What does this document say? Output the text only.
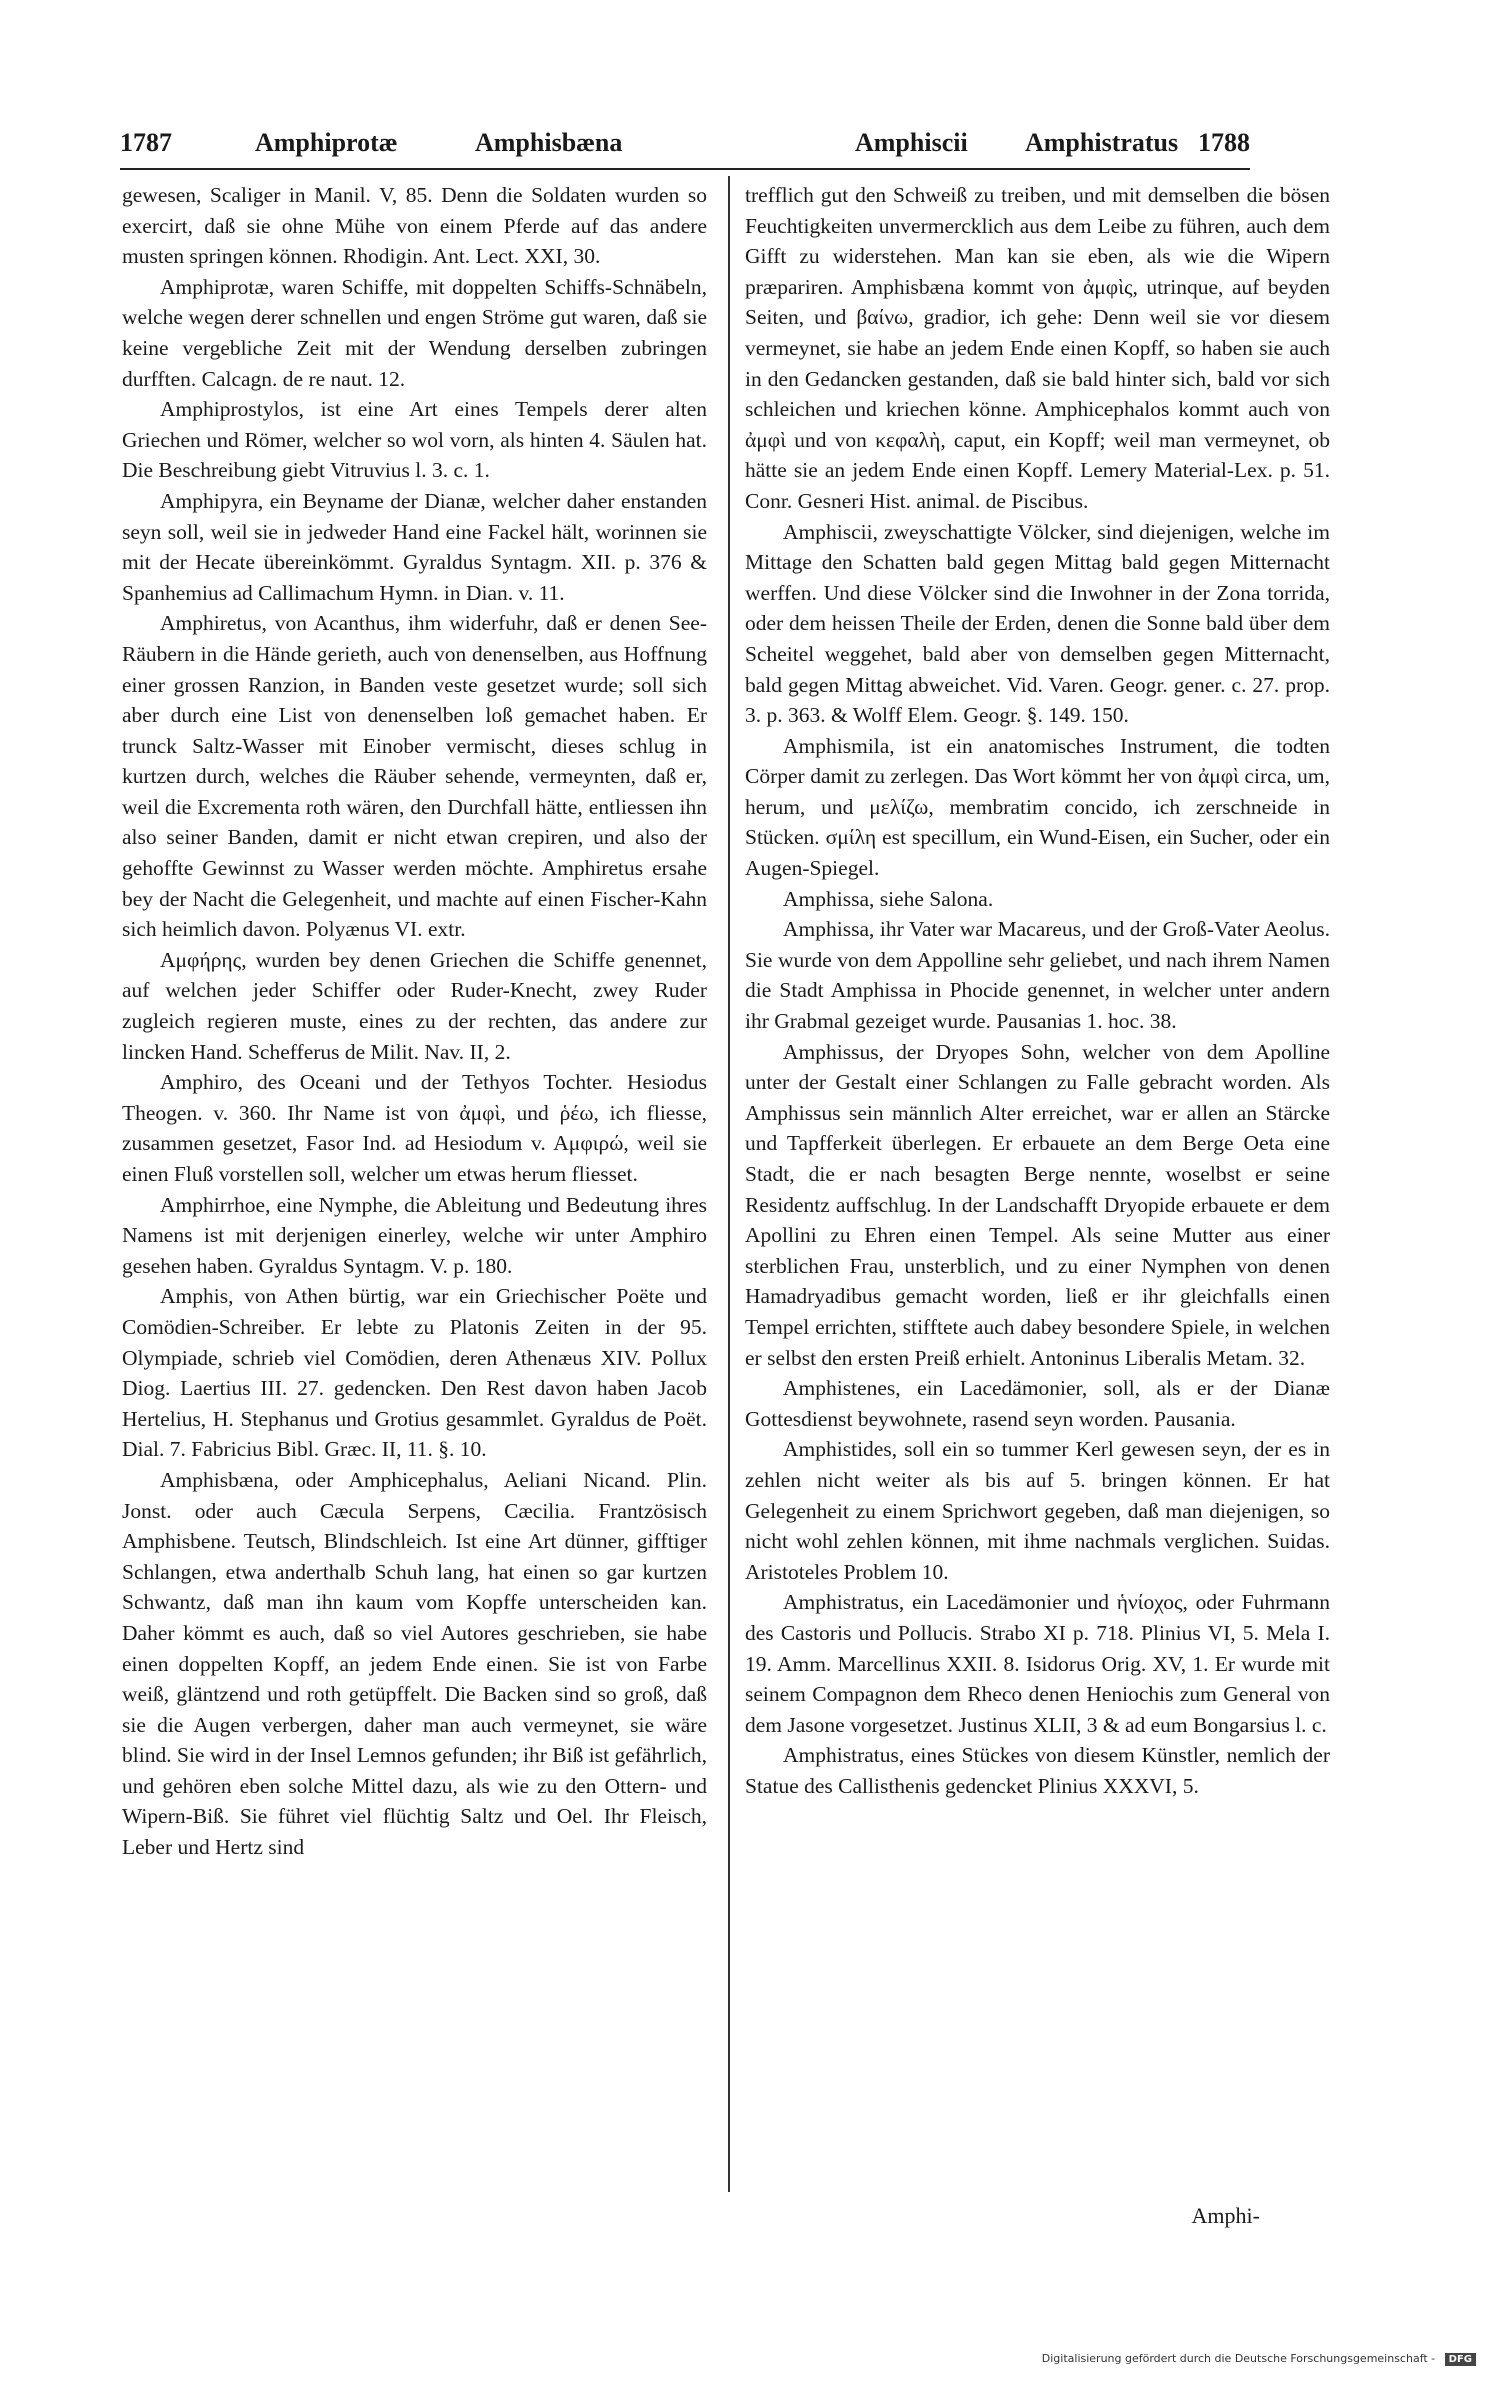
1787	Amphiprotæ	Amphisbæna	Amphiscii Amphistratus 1788

gewesen, Scaliger in Manil. V, 85. Denn die Soldaten wurden so exercirt, daß sie ohne Mühe von einem Pferde auf das andere musten springen können. Rhodigin. Ant. Lect. XXI, 30.

Amphiprotæ, waren Schiffe, mit doppelten Schiffs-Schnäbeln, welche wegen derer schnellen und engen Ströme gut waren, daß sie keine vergebliche Zeit mit der Wendung derselben zubringen durfften. Calcagn. de re naut. 12.

Amphiprostylos, ist eine Art eines Tempels derer alten Griechen und Römer, welcher so wol vorn, als hinten 4. Säulen hat. Die Beschreibung giebt Vitruvius l. 3. c. 1.

Amphipyra, ein Beyname der Dianæ, welcher daher enstanden seyn soll, weil sie in jedweder Hand eine Fackel hält, worinnen sie mit der Hecate übereinkömmt. Gyraldus Syntagm. XII. p. 376 & Spanhemius ad Callimachum Hymn. in Dian. v. 11.

Amphiretus, von Acanthus, ihm widerfuhr, daß er denen See-Räubern in die Hände gerieth, auch von denenselben, aus Hoffnung einer grossen Ranzion, in Banden veste gesetzet wurde; soll sich aber durch eine List von denenselben loß gemachet haben. Er trunck Saltz-Wasser mit Einober vermischt, dieses schlug in kurtzen durch, welches die Räuber sehende, vermeynten, daß er, weil die Excrementa roth wären, den Durchfall hätte, entliessen ihn also seiner Banden, damit er nicht etwan crepiren, und also der gehoffte Gewinnst zu Wasser werden möchte. Amphiretus ersahe bey der Nacht die Gelegenheit, und machte auf einen Fischer-Kahn sich heimlich davon. Polyænus VI. extr.

Aμφήρης, wurden bey denen Griechen die Schiffe genennet, auf welchen jeder Schiffer oder Ruder-Knecht, zwey Ruder zugleich regieren muste, eines zu der rechten, das andere zur lincken Hand. Schefferus de Milit. Nav. II, 2.

Amphiro, des Oceani und der Tethyos Tochter. Hesiodus Theogen. v. 360. Ihr Name ist von ἀμφὶ, und ῥέω, ich fliesse, zusammen gesetzet, Fasor Ind. ad Hesiodum v. Aμφιρώ, weil sie einen Fluß vorstellen soll, welcher um etwas herum fliesset.

Amphirrhoe, eine Nymphe, die Ableitung und Bedeutung ihres Namens ist mit derjenigen einerley, welche wir unter Amphiro gesehen haben. Gyraldus Syntagm. V. p. 180.

Amphis, von Athen bürtig, war ein Griechischer Poëte und Comödien-Schreiber. Er lebte zu Platonis Zeiten in der 95. Olympiade, schrieb viel Comödien, deren Athenæus XIV. Pollux Diog. Laertius III. 27. gedencken. Den Rest davon haben Jacob Hertelius, H. Stephanus und Grotius gesammlet. Gyraldus de Poët. Dial. 7. Fabricius Bibl. Græc. II, 11. §. 10.

Amphisbæna, oder Amphicephalus, Aeliani Nicand. Plin. Jonst. oder auch Cæcula Serpens, Cæcilia. Frantzösisch Amphisbene. Teutsch, Blindschleich. Ist eine Art dünner, gifftiger Schlangen, etwa anderthalb Schuh lang, hat einen so gar kurtzen Schwantz, daß man ihn kaum vom Kopffe unterscheiden kan. Daher kömmt es auch, daß so viel Autores geschrieben, sie habe einen doppelten Kopff, an jedem Ende einen. Sie ist von Farbe weiß, gläntzend und roth getüpffelt. Die Backen sind so groß, daß sie die Augen verbergen, daher man auch vermeynet, sie wäre blind. Sie wird in der Insel Lemnos gefunden; ihr Biß ist gefährlich, und gehören eben solche Mittel dazu, als wie zu den Ottern- und Wipern-Biß. Sie führet viel flüchtig Saltz und Oel. Ihr Fleisch, Leber und Hertz sind

trefflich gut den Schweiß zu treiben, und mit demselben die bösen Feuchtigkeiten unvermercklich aus dem Leibe zu führen, auch dem Gifft zu widerstehen. Man kan sie eben, als wie die Wipern præpariren. Amphisbæna kommt von ἀμφὶς, utrinque, auf beyden Seiten, und βαίνω, gradior, ich gehe: Denn weil sie vor diesem vermeynet, sie habe an jedem Ende einen Kopff, so haben sie auch in den Gedancken gestanden, daß sie bald hinter sich, bald vor sich schleichen und kriechen könne. Amphicephalos kommt auch von ἀμφὶ und von κεφαλὴ, caput, ein Kopff; weil man vermeynet, ob hätte sie an jedem Ende einen Kopff. Lemery Material-Lex. p. 51. Conr. Gesneri Hist. animal. de Piscibus.

Amphiscii, zweyschattigte Völcker, sind diejenigen, welche im Mittage den Schatten bald gegen Mittag bald gegen Mitternacht werffen. Und diese Völcker sind die Inwohner in der Zona torrida, oder dem heissen Theile der Erden, denen die Sonne bald über dem Scheitel weggehet, bald aber von demselben gegen Mitternacht, bald gegen Mittag abweichet. Vid. Varen. Geogr. gener. c. 27. prop. 3. p. 363. & Wolff Elem. Geogr. §. 149. 150.

Amphismila, ist ein anatomisches Instrument, die todten Cörper damit zu zerlegen. Das Wort kömmt her von ἀμφὶ circa, um, herum, und μελίζω, membratim concido, ich zerschneide in Stücken. σμίλη est specillum, ein Wund-Eisen, ein Sucher, oder ein Augen-Spiegel.

Amphissa, siehe Salona.

Amphissa, ihr Vater war Macareus, und der Groß-Vater Aeolus. Sie wurde von dem Appolline sehr geliebet, und nach ihrem Namen die Stadt Amphissa in Phocide genennet, in welcher unter andern ihr Grabmal gezeiget wurde. Pausanias 1. hoc. 38.

Amphissus, der Dryopes Sohn, welcher von dem Apolline unter der Gestalt einer Schlangen zu Falle gebracht worden. Als Amphissus sein männlich Alter erreichet, war er allen an Stärcke und Tapfferkeit überlegen. Er erbauete an dem Berge Oeta eine Stadt, die er nach besagten Berge nennte, woselbst er seine Residentz auffschlug. In der Landschafft Dryopide erbauete er dem Apollini zu Ehren einen Tempel. Als seine Mutter aus einer sterblichen Frau, unsterblich, und zu einer Nymphen von denen Hamadryadibus gemacht worden, ließ er ihr gleichfalls einen Tempel errichten, stifftete auch dabey besondere Spiele, in welchen er selbst den ersten Preiß erhielt. Antoninus Liberalis Metam. 32.

Amphistenes, ein Lacedämonier, soll, als er der Dianæ Gottesdienst beywohnete, rasend seyn worden. Pausania.

Amphistides, soll ein so tummer Kerl gewesen seyn, der es in zehlen nicht weiter als bis auf 5. bringen können. Er hat Gelegenheit zu einem Sprichwort gegeben, daß man diejenigen, so nicht wohl zehlen können, mit ihme nachmals verglichen. Suidas. Aristoteles Problem 10.

Amphistratus, ein Lacedämonier und ἡνίοχος, oder Fuhrmann des Castoris und Pollucis. Strabo XI p. 718. Plinius VI, 5. Mela I. 19. Amm. Marcellinus XXII. 8. Isidorus Orig. XV, 1. Er wurde mit seinem Compagnon dem Rheco denen Heniochis zum General von dem Jasone vorgesetzet. Justinus XLII, 3 & ad eum Bongarsius l. c.

Amphistratus, eines Stückes von diesem Künstler, nemlich der Statue des Callisthenis gedencket Plinius XXXVI, 5.

Amphi-
Digitalisierung gefördert durch die Deutsche Forschungsgemeinschaft - DFG
